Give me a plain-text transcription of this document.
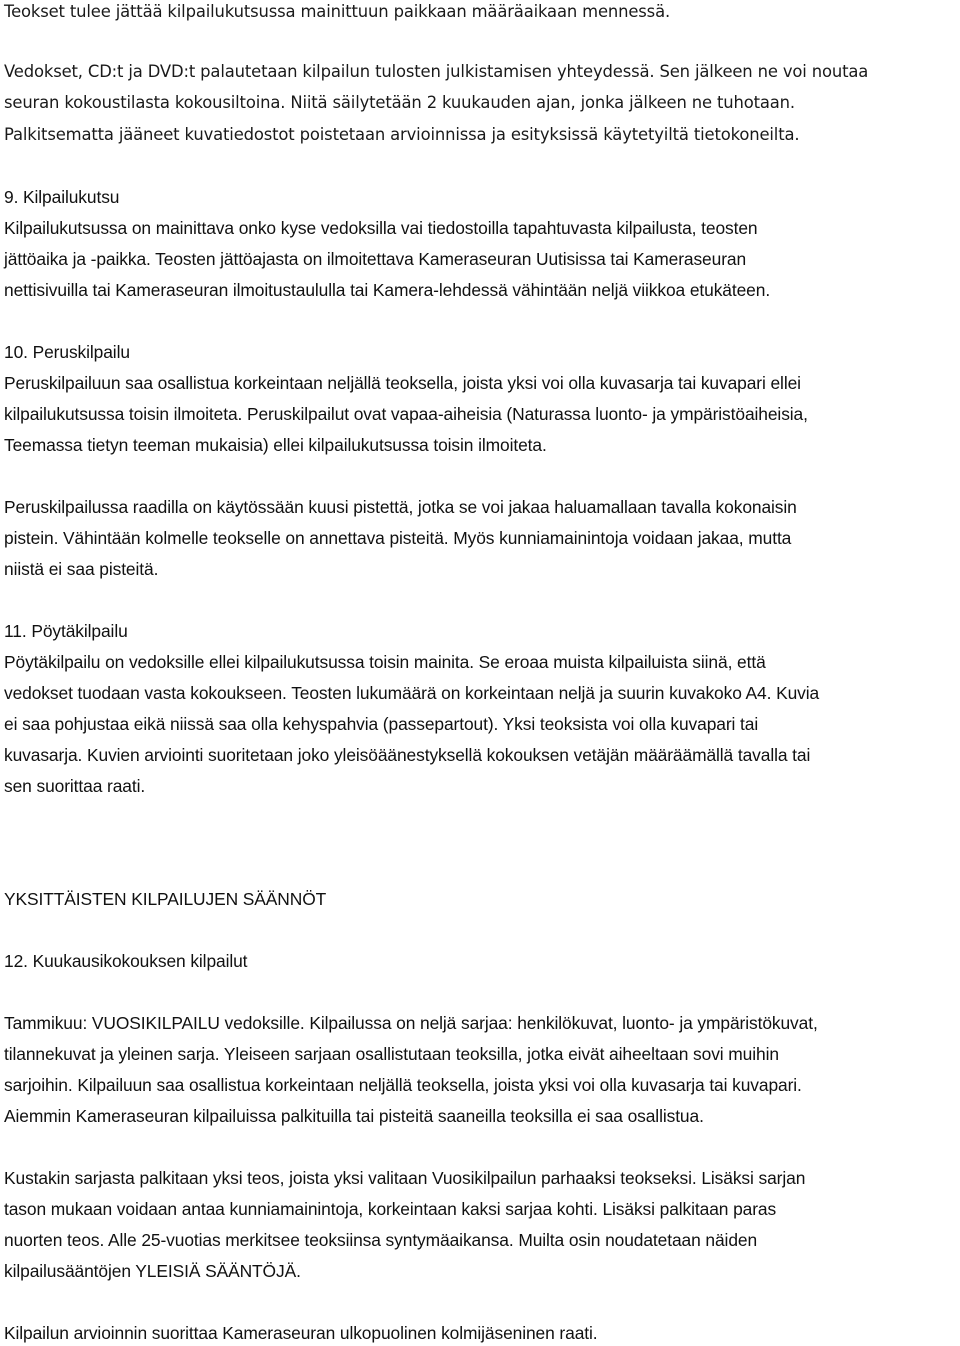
Teokset tulee jättää kilpailukutsussa mainittuun paikkaan määräaikaan mennessä.
Vedokset, CD:t ja DVD:t palautetaan kilpailun tulosten julkistamisen yhteydessä. Sen jälkeen ne voi noutaa
seuran kokoustilasta kokousiltoina. Niitä säilytetään 2 kuukauden ajan, jonka jälkeen ne tuhotaan.
Palkitsematta jääneet kuvatiedostot poistetaan arvioinnissa ja esityksissä käytetyiltä tietokoneilta.
9. Kilpailukutsu
Kilpailukutsussa on mainittava onko kyse vedoksilla vai tiedostoilla tapahtuvasta kilpailusta, teosten
jättöaika ja -paikka. Teosten jättöajasta on ilmoitettava Kameraseuran Uutisissa tai Kameraseuran
nettisivuilla tai Kameraseuran ilmoitustaululla tai Kamera-lehdessä vähintään neljä viikkoa etukäteen.
10. Peruskilpailu
Peruskilpailuun saa osallistua korkeintaan neljällä teoksella, joista yksi voi olla kuvasarja tai kuvapari ellei
kilpailukutsussa toisin ilmoiteta. Peruskilpailut ovat vapaa-aiheisia (Naturassa luonto- ja ympäristöaiheisia,
Teemassa tietyn teeman mukaisia) ellei kilpailukutsussa toisin ilmoiteta.
Peruskilpailussa raadilla on käytössään kuusi pistettä, jotka se voi jakaa haluamallaan tavalla kokonaisin
pistein. Vähintään kolmelle teokselle on annettava pisteitä. Myös kunniamainintoja voidaan jakaa, mutta
niistä ei saa pisteitä.
11. Pöytäkilpailu
Pöytäkilpailu on vedoksille ellei kilpailukutsussa toisin mainita. Se eroaa muista kilpailuista siinä, että
vedokset tuodaan vasta kokoukseen. Teosten lukumäärä on korkeintaan neljä ja suurin kuvakoko A4. Kuvia
ei saa pohjustaa eikä niissä saa olla kehyspahvia (passepartout). Yksi teoksista voi olla kuvapari tai
kuvasarja. Kuvien arviointi suoritetaan joko yleisöäänestyksellä kokouksen vetäjän määräämällä tavalla tai
sen suorittaa raati.
YKSITTÄISTEN KILPAILUJEN SÄÄNNÖT
12. Kuukausikokouksen kilpailut
Tammikuu: VUOSIKILPAILU vedoksille. Kilpailussa on neljä sarjaa: henkilökuvat, luonto- ja ympäristökuvat,
tilannekuvat ja yleinen sarja. Yleiseen sarjaan osallistutaan teoksilla, jotka eivät aiheeltaan sovi muihin
sarjoihin. Kilpailuun saa osallistua korkeintaan neljällä teoksella, joista yksi voi olla kuvasarja tai kuvapari.
Aiemmin Kameraseuran kilpailuissa palkituilla tai pisteitä saaneilla teoksilla ei saa osallistua.
Kustakin sarjasta palkitaan yksi teos, joista yksi valitaan Vuosikilpailun parhaaksi teokseksi. Lisäksi sarjan
tason mukaan voidaan antaa kunniamainintoja, korkeintaan kaksi sarjaa kohti. Lisäksi palkitaan paras
nuorten teos. Alle 25-vuotias merkitsee teoksiinsa syntymäaikansa. Muilta osin noudatetaan näiden
kilpailusääntöjen YLEISIÄ SÄÄNTÖJÄ.
Kilpailun arvioinnin suorittaa Kameraseuran ulkopuolinen kolmijäseninen raati.
